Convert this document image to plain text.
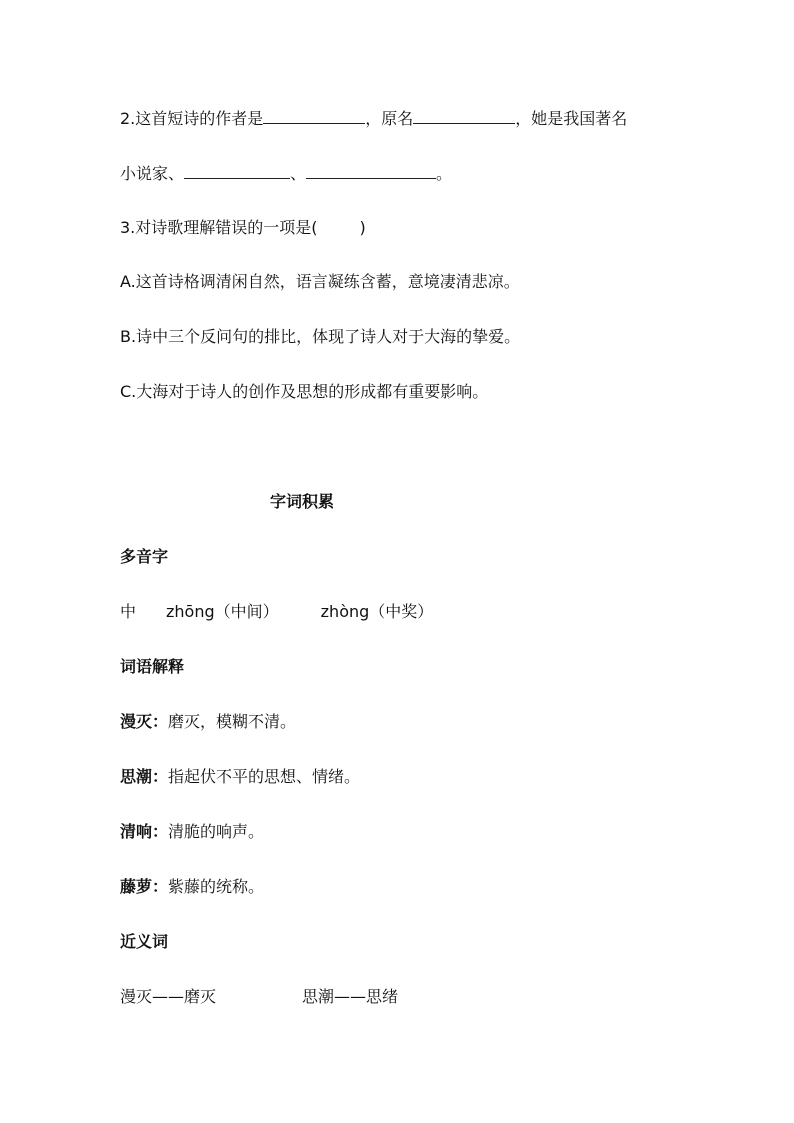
2.这首短诗的作者是	，原名	，她是我国著名
小说家、	、	。
3.对诗歌理解错误的一项是(	)
A.这首诗格调清闲自然，语言凝练含蓄，意境凄清悲凉。
B.诗中三个反问句的排比，体现了诗人对于大海的挚爱。
C.大海对于诗人的创作及思想的形成都有重要影响。
字词积累
多音字
中 zhōng（中间）	zhòng（中奖）
词语解释
漫灭：磨灭，模糊不清。
思潮：指起伏不平的思想、情绪。
清响：清脆的响声。
藤萝：紫藤的统称。
近义词
漫灭——磨灭	思潮——思绪
